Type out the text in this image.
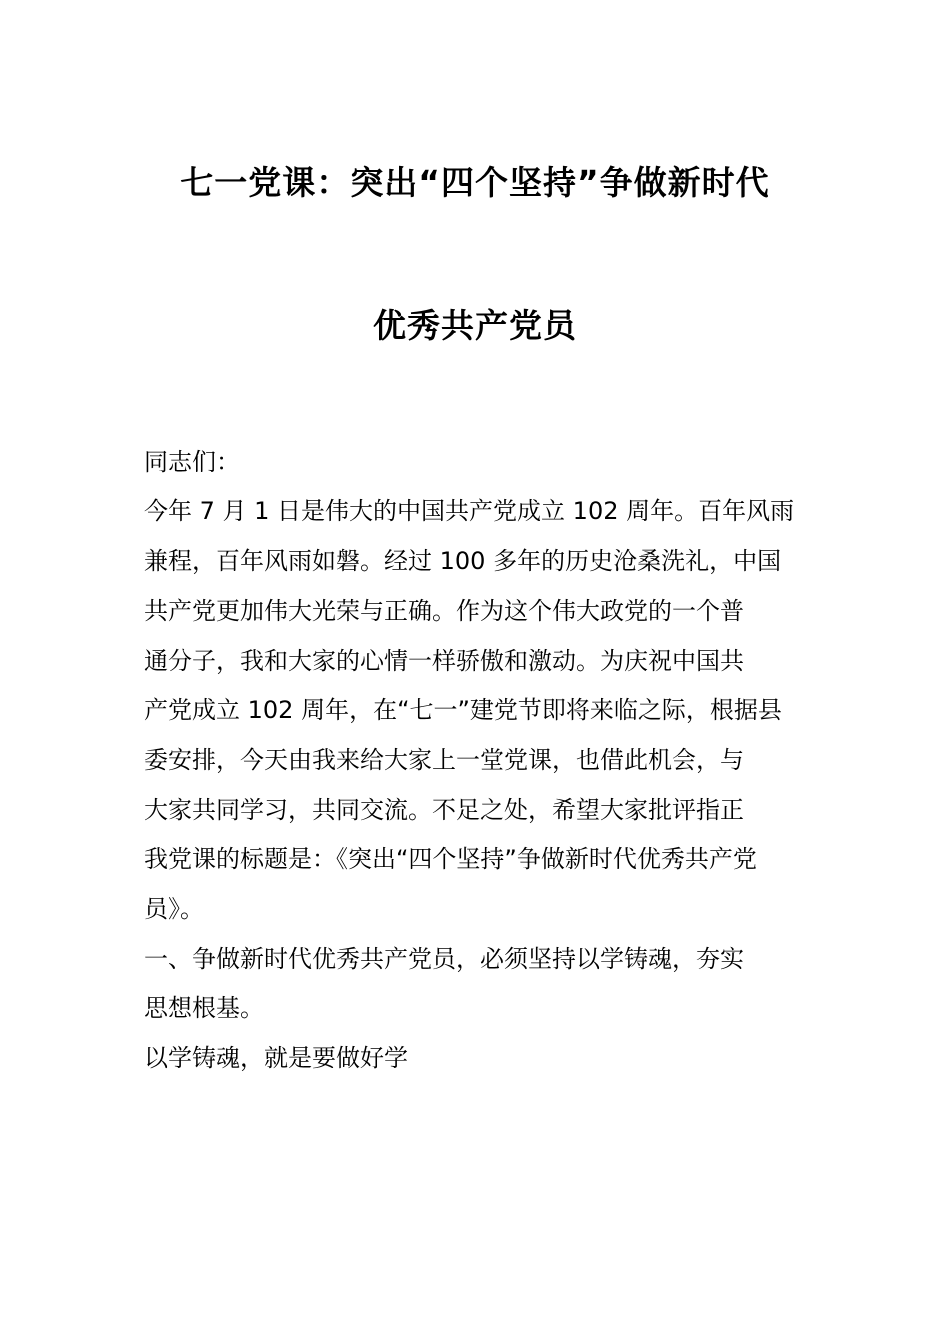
七一党课：突出“四个坚持”争做新时代
优秀共产党员
同志们：
今年 7 月 1 日是伟大的中国共产党成立 102 周年。百年风雨
兼程，百年风雨如磐。经过 100 多年的历史沧桑洗礼，中国
共产党更加伟大光荣与正确。作为这个伟大政党的一个普
通分子，我和大家的心情一样骄傲和激动。为庆祝中国共
产党成立 102 周年，在“七一”建党节即将来临之际，根据县
委安排，今天由我来给大家上一堂党课，也借此机会，与
大家共同学习，共同交流。不足之处，希望大家批评指正
我党课的标题是：《突出“四个坚持”争做新时代优秀共产党
员》。
一、争做新时代优秀共产党员，必须坚持以学铸魂，夯实
思想根基。
以学铸魂，就是要做好学
